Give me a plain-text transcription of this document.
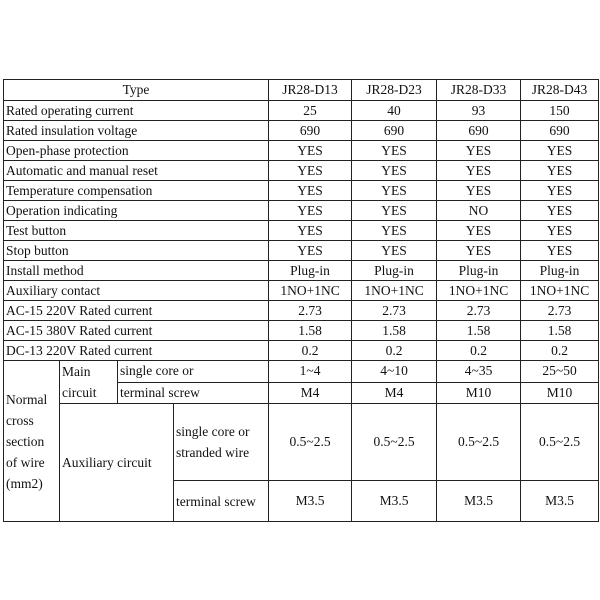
Type				JR28-D13	JR28-D23	JR28-D33	JR28-D43
Rated operating current				25	40	93	150
Rated insulation voltage				690	690	690	690
Open-phase protection				YES	YES	YES	YES
Automatic and manual reset				YES	YES	YES	YES
Temperature compensation				YES	YES	YES	YES
Operation indicating				YES	YES	NO	YES
Test button				YES	YES	YES	YES
Stop button				YES	YES	YES	YES
Install method				Plug-in	Plug-in	Plug-in	Plug-in
Auxiliary contact				1NO+1NC	1NO+1NC	1NO+1NC	1NO+1NC
AC-15 220V Rated current				2.73	2.73	2.73	2.73
AC-15 380V Rated current				1.58	1.58	1.58	1.58
DC-13 220V Rated current				0.2	0.2	0.2	0.2
Normal cross section of wire (mm2)	Main circuit	single core or		1~4	4~10	4~35	25~50
		terminal screw		M4	M4	M10	M10
	Auxiliary circuit		single core or stranded wire	0.5~2.5	0.5~2.5	0.5~2.5	0.5~2.5
			terminal screw	M3.5	M3.5	M3.5	M3.5
